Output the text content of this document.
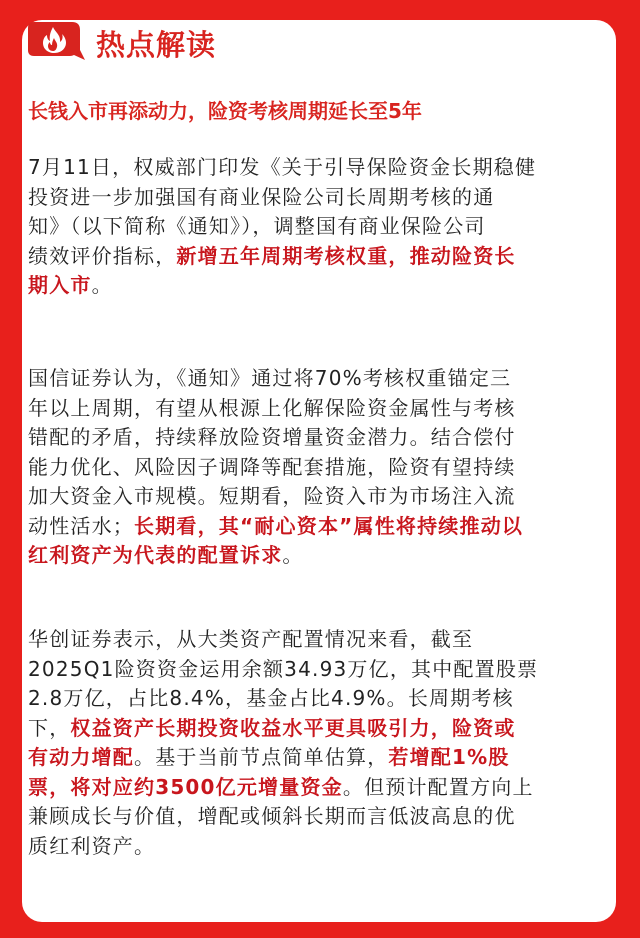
热点解读
长钱入市再添动力，险资考核周期延长至5年
7月11日，权威部门印发《关于引导保险资金长期稳健
投资进一步加强国有商业保险公司长周期考核的通
知》（以下简称《通知》），调整国有商业保险公司
绩效评价指标，新增五年周期考核权重，推动险资长
期入市。
国信证券认为，《通知》通过将70%考核权重锚定三
年以上周期，有望从根源上化解保险资金属性与考核
错配的矛盾，持续释放险资增量资金潜力。结合偿付
能力优化、风险因子调降等配套措施，险资有望持续
加大资金入市规模。短期看，险资入市为市场注入流
动性活水；长期看，其“耐心资本”属性将持续推动以
红利资产为代表的配置诉求。
华创证券表示，从大类资产配置情况来看，截至
2025Q1险资资金运用余额34.93万亿，其中配置股票
2.8万亿，占比8.4%，基金占比4.9%。长周期考核
下，权益资产长期投资收益水平更具吸引力，险资或
有动力增配。基于当前节点简单估算，若增配1%股
票，将对应约3500亿元增量资金。但预计配置方向上
兼顾成长与价值，增配或倾斜长期而言低波高息的优
质红利资产。
